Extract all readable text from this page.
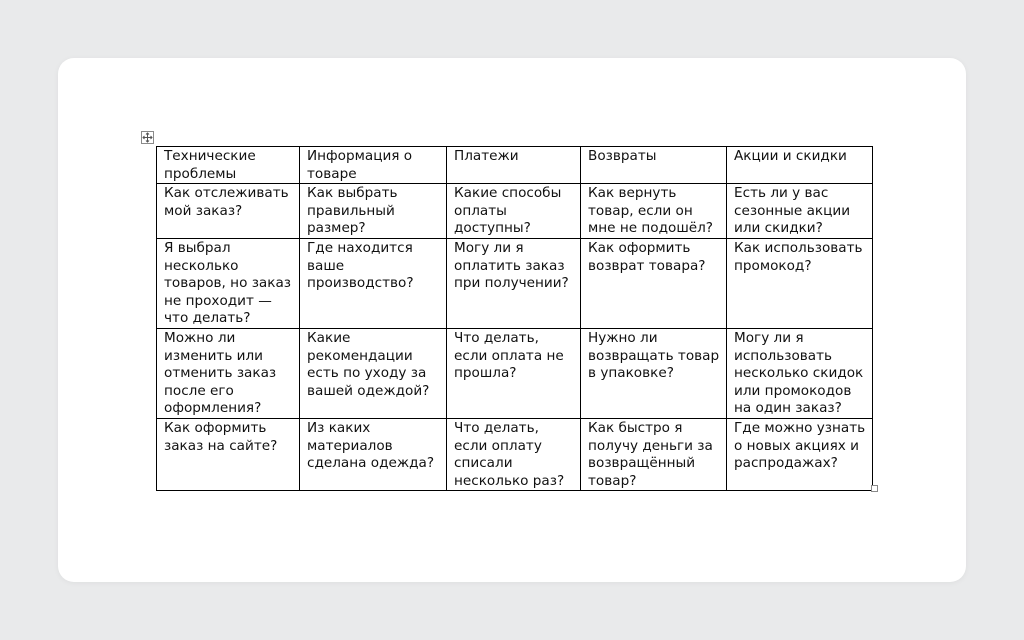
Технические проблемы	Информация о товаре	Платежи	Возвраты	Акции и скидки
Как отслеживать мой заказ?	Как выбрать правильный размер?	Какие способы оплаты доступны?	Как вернуть товар, если он мне не подошёл?	Есть ли у вас сезонные акции или скидки?
Я выбрал несколько товаров, но заказ не проходит — что делать?	Где находится ваше производство?	Могу ли я оплатить заказ при получении?	Как оформить возврат товара?	Как использовать промокод?
Можно ли изменить или отменить заказ после его оформления?	Какие рекомендации есть по уходу за вашей одеждой?	Что делать, если оплата не прошла?	Нужно ли возвращать товар в упаковке?	Могу ли я использовать несколько скидок или промокодов на один заказ?
Как оформить заказ на сайте?	Из каких материалов сделана одежда?	Что делать, если оплату списали несколько раз?	Как быстро я получу деньги за возвращённый товар?	Где можно узнать о новых акциях и распродажах?
